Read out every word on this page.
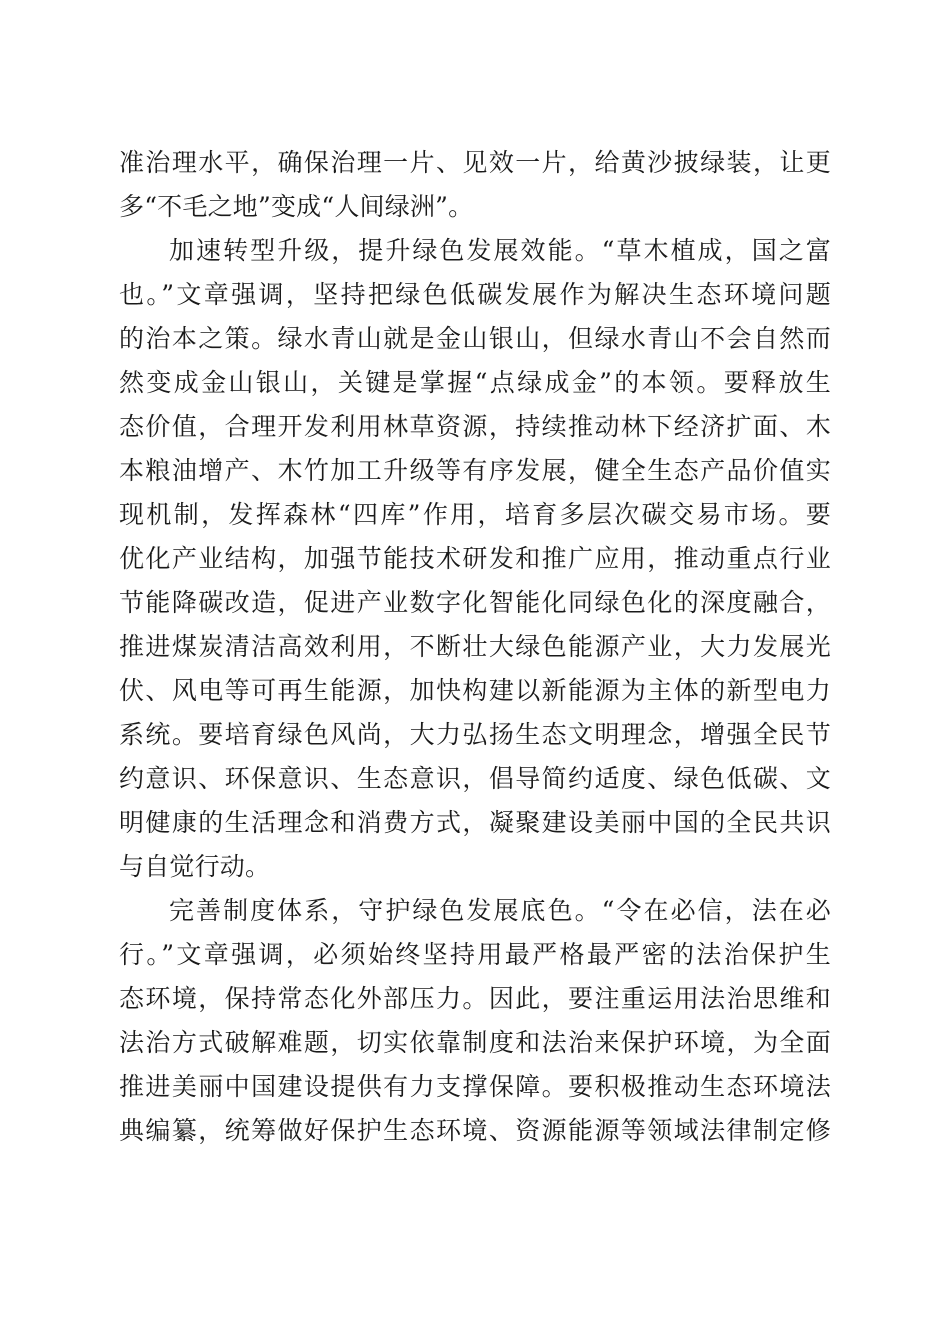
准治理水平，确保治理一片、见效一片，给黄沙披绿装，让更
多“不毛之地”变成“人间绿洲”。
加速转型升级，提升绿色发展效能。“草木植成，国之富
也。”文章强调，坚持把绿色低碳发展作为解决生态环境问题
的治本之策。绿水青山就是金山银山，但绿水青山不会自然而
然变成金山银山，关键是掌握“点绿成金”的本领。要释放生
态价值，合理开发利用林草资源，持续推动林下经济扩面、木
本粮油增产、木竹加工升级等有序发展，健全生态产品价值实
现机制，发挥森林“四库”作用，培育多层次碳交易市场。要
优化产业结构，加强节能技术研发和推广应用，推动重点行业
节能降碳改造，促进产业数字化智能化同绿色化的深度融合，
推进煤炭清洁高效利用，不断壮大绿色能源产业，大力发展光
伏、风电等可再生能源，加快构建以新能源为主体的新型电力
系统。要培育绿色风尚，大力弘扬生态文明理念，增强全民节
约意识、环保意识、生态意识，倡导简约适度、绿色低碳、文
明健康的生活理念和消费方式，凝聚建设美丽中国的全民共识
与自觉行动。
完善制度体系，守护绿色发展底色。“令在必信，法在必
行。”文章强调，必须始终坚持用最严格最严密的法治保护生
态环境，保持常态化外部压力。因此，要注重运用法治思维和
法治方式破解难题，切实依靠制度和法治来保护环境，为全面
推进美丽中国建设提供有力支撑保障。要积极推动生态环境法
典编纂，统筹做好保护生态环境、资源能源等领域法律制定修
